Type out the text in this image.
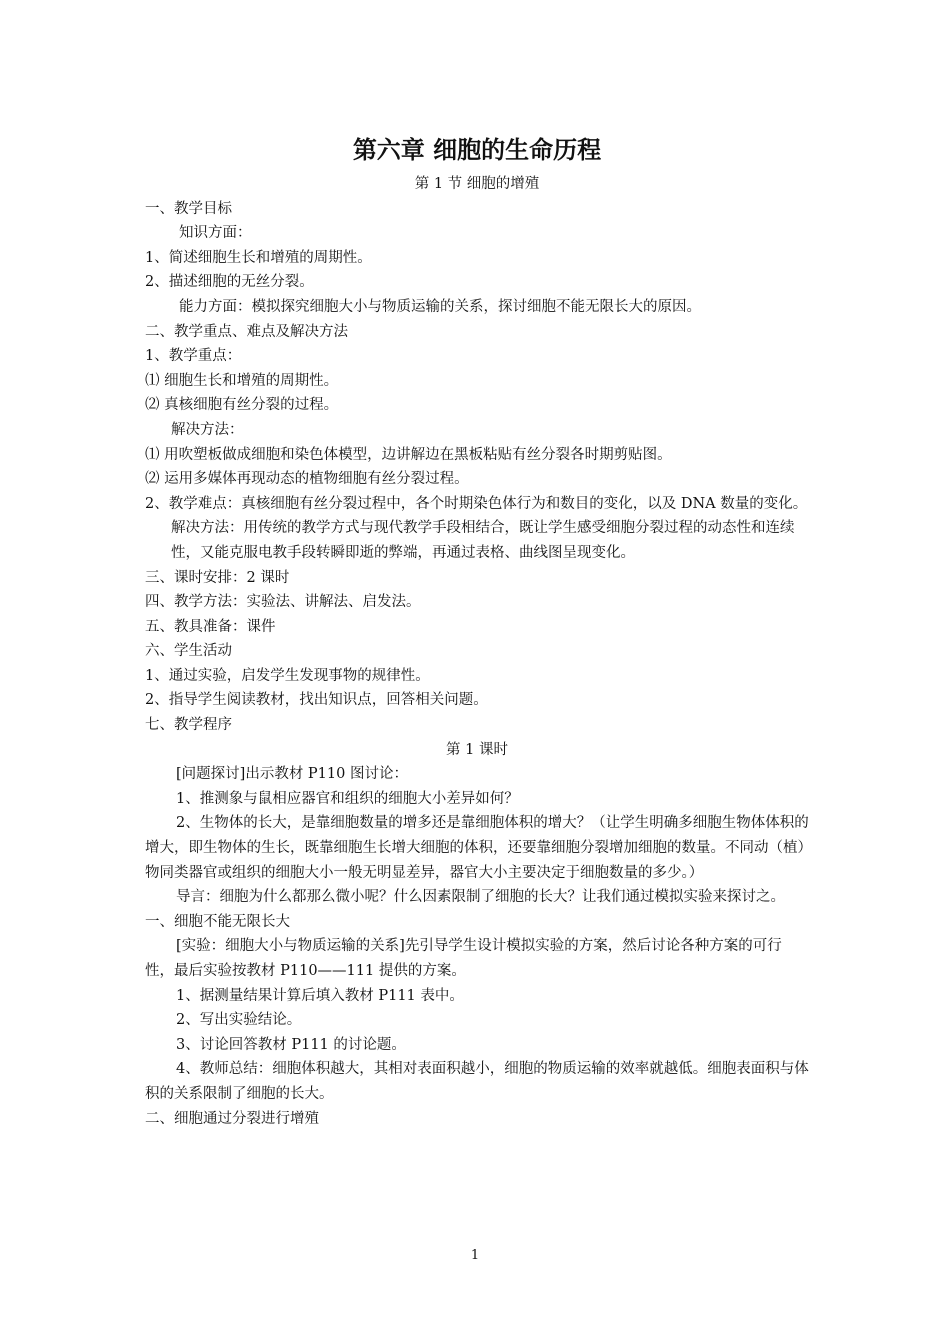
第六章 细胞的生命历程

第 1 节 细胞的增殖

一、教学目标

知识方面：

1、简述细胞生长和增殖的周期性。

2、描述细胞的无丝分裂。

能力方面：模拟探究细胞大小与物质运输的关系，探讨细胞不能无限长大的原因。

二、教学重点、难点及解决方法

1、教学重点：

⑴ 细胞生长和增殖的周期性。

⑵ 真核细胞有丝分裂的过程。

解决方法：

⑴ 用吹塑板做成细胞和染色体模型，边讲解边在黑板粘贴有丝分裂各时期剪贴图。

⑵ 运用多媒体再现动态的植物细胞有丝分裂过程。

2、教学难点：真核细胞有丝分裂过程中，各个时期染色体行为和数目的变化，以及 DNA 数量的变化。

解决方法：用传统的教学方式与现代教学手段相结合，既让学生感受细胞分裂过程的动态性和连续性，又能克服电教手段转瞬即逝的弊端，再通过表格、曲线图呈现变化。

三、课时安排：2 课时

四、教学方法：实验法、讲解法、启发法。

五、教具准备：课件

六、学生活动

1、通过实验，启发学生发现事物的规律性。

2、指导学生阅读教材，找出知识点，回答相关问题。

七、教学程序

第 1 课时

[问题探讨]出示教材 P110 图讨论：

1、推测象与鼠相应器官和组织的细胞大小差异如何？

2、生物体的长大，是靠细胞数量的增多还是靠细胞体积的增大？（让学生明确多细胞生物体体积的增大，即生物体的生长，既靠细胞生长增大细胞的体积，还要靠细胞分裂增加细胞的数量。不同动（植）物同类器官或组织的细胞大小一般无明显差异，器官大小主要决定于细胞数量的多少。）

导言：细胞为什么都那么微小呢？什么因素限制了细胞的长大？让我们通过模拟实验来探讨之。

一、细胞不能无限长大

[实验：细胞大小与物质运输的关系]先引导学生设计模拟实验的方案，然后讨论各种方案的可行性，最后实验按教材 P110——111 提供的方案。

1、据测量结果计算后填入教材 P111 表中。

2、写出实验结论。

3、讨论回答教材 P111 的讨论题。

4、教师总结：细胞体积越大，其相对表面积越小，细胞的物质运输的效率就越低。细胞表面积与体积的关系限制了细胞的长大。

二、细胞通过分裂进行增殖

1
